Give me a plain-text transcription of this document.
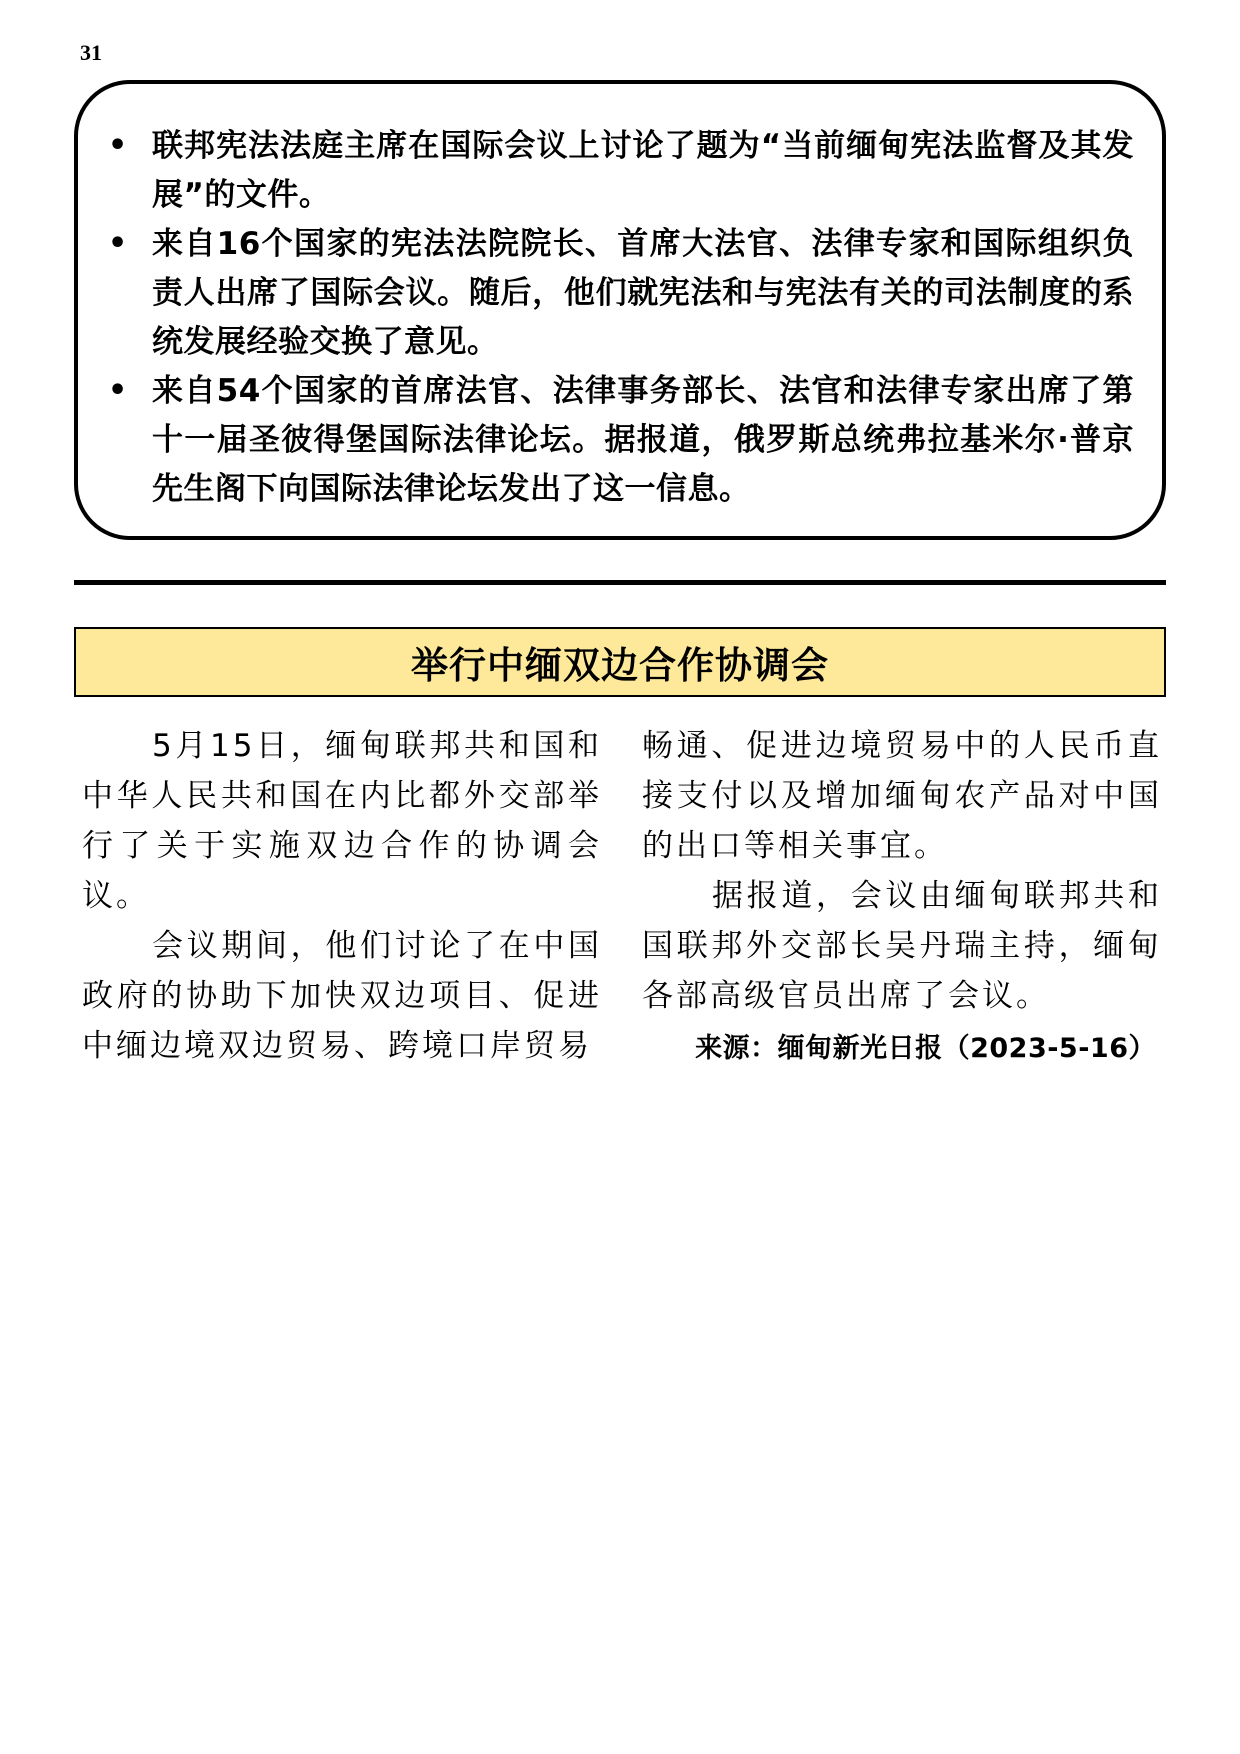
31
• 联邦宪法法庭主席在国际会议上讨论了题为“当前缅甸宪法监督及其发展”的文件。
• 来自16个国家的宪法法院院长、首席大法官、法律专家和国际组织负责人出席了国际会议。随后，他们就宪法和与宪法有关的司法制度的系统发展经验交换了意见。
• 来自54个国家的首席法官、法律事务部长、法官和法律专家出席了第十一届圣彼得堡国际法律论坛。据报道，俄罗斯总统弗拉基米尔·普京先生阁下向国际法律论坛发出了这一信息。
举行中缅双边合作协调会

5月15日，缅甸联邦共和国和中华人民共和国在内比都外交部举行了关于实施双边合作的协调会议。

会议期间，他们讨论了在中国政府的协助下加快双边项目、促进中缅边境双边贸易、跨境口岸贸易

畅通、促进边境贸易中的人民币直接支付以及增加缅甸农产品对中国的出口等相关事宜。

据报道，会议由缅甸联邦共和国联邦外交部长吴丹瑞主持，缅甸各部高级官员出席了会议。

来源：缅甸新光日报（2023-5-16）
